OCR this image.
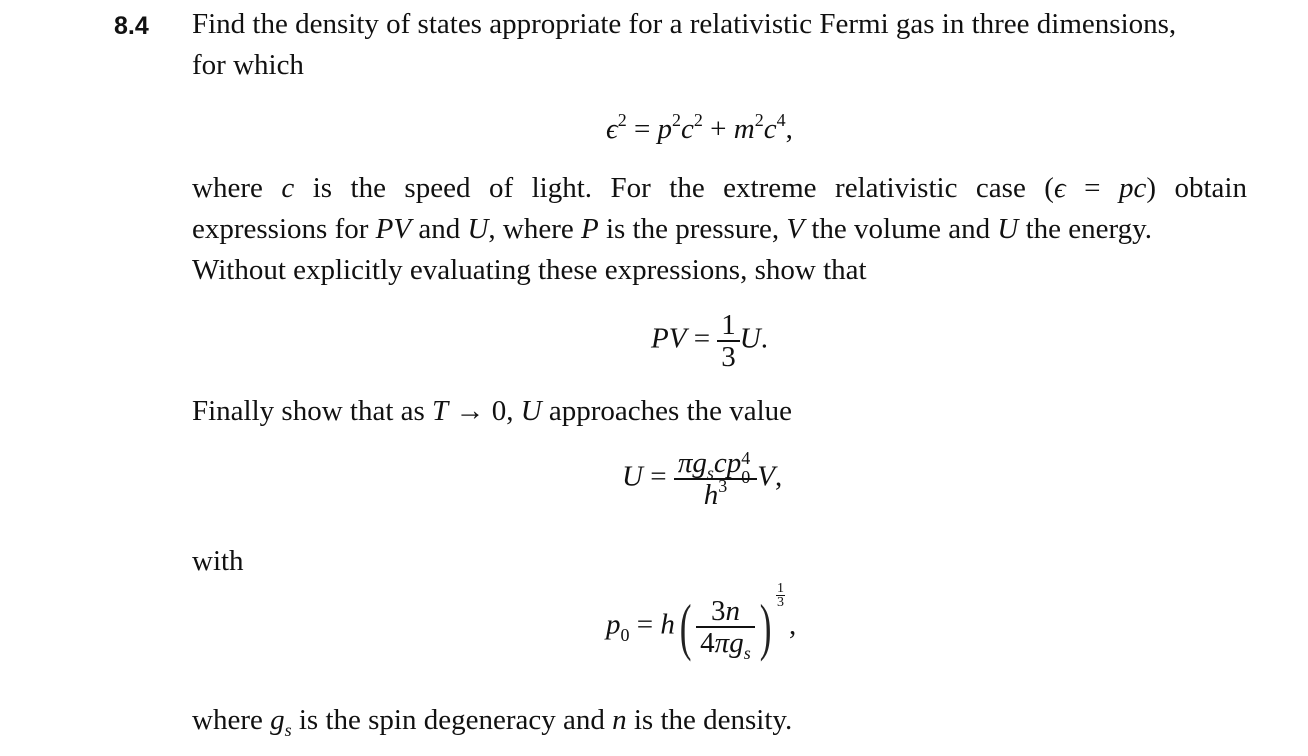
8.4 Find the density of states appropriate for a relativistic Fermi gas in three dimensions,
for which
$\epsilon^2 = p^2c^2 + m^2c^4$,
where c is the speed of light. For the extreme relativistic case (ϵ = pc) obtain
expressions for PV and U, where P is the pressure, V the volume and U the energy.
Without explicitly evaluating these expressions, show that
PV = $\frac{1}{3} U$.
Finally show that as T → 0, U approaches the value
$U = \pi g_scp$ 4
0
$h^3$ V,
with
$p_0 = h( \frac{3n}{4\pi g_s}$ ) $\frac{1}{3}$
,
where $g_s$ is the spin degeneracy and n is the density.
